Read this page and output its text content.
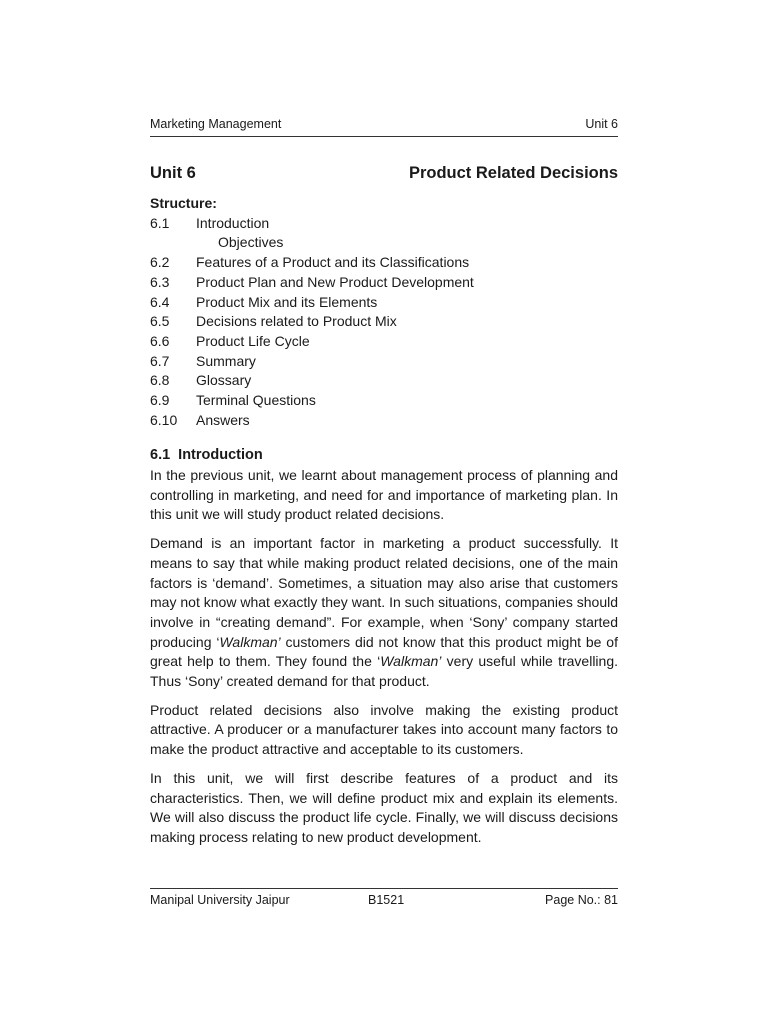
Marketing Management	Unit 6
Unit 6	Product Related Decisions
Structure:
6.1	Introduction
Objectives
6.2	Features of a Product and its Classifications
6.3	Product Plan and New Product Development
6.4	Product Mix and its Elements
6.5	Decisions related to Product Mix
6.6	Product Life Cycle
6.7	Summary
6.8	Glossary
6.9	Terminal Questions
6.10	Answers
6.1 Introduction

In the previous unit, we learnt about management process of planning and controlling in marketing, and need for and importance of marketing plan. In this unit we will study product related decisions.

Demand is an important factor in marketing a product successfully. It means to say that while making product related decisions, one of the main factors is ‘demand’. Sometimes, a situation may also arise that customers may not know what exactly they want. In such situations, companies should involve in “creating demand”. For example, when ‘Sony’ company started producing ‘Walkman’ customers did not know that this product might be of great help to them. They found the ‘Walkman’ very useful while travelling. Thus ‘Sony’ created demand for that product.

Product related decisions also involve making the existing product attractive. A producer or a manufacturer takes into account many factors to make the product attractive and acceptable to its customers.

In this unit, we will first describe features of a product and its characteristics. Then, we will define product mix and explain its elements. We will also discuss the product life cycle. Finally, we will discuss decisions making process relating to new product development.

Manipal University Jaipur	B1521	Page No.: 81
